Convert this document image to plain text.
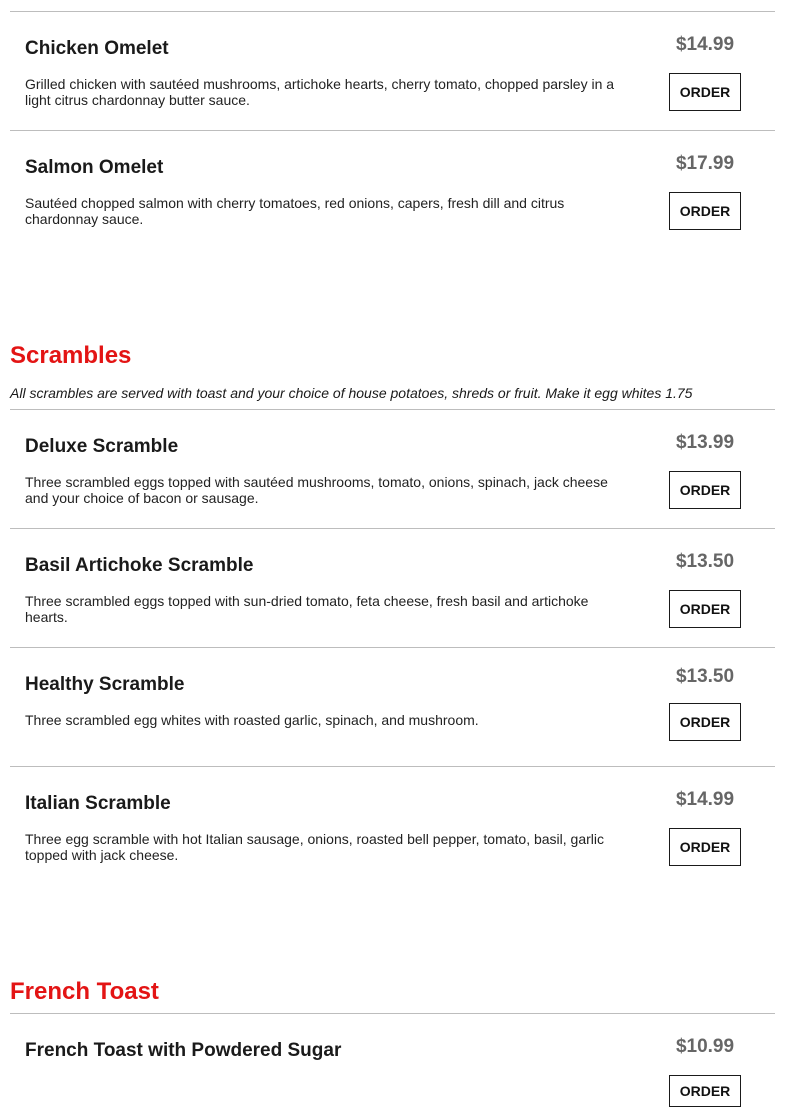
Chicken Omelet
Grilled chicken with sautéed mushrooms, artichoke hearts, cherry tomato, chopped parsley in a light citrus chardonnay butter sauce.
$14.99
ORDER
Salmon Omelet
Sautéed chopped salmon with cherry tomatoes, red onions, capers, fresh dill and citrus chardonnay sauce.
$17.99
ORDER
Scrambles
All scrambles are served with toast and your choice of house potatoes, shreds or fruit. Make it egg whites 1.75
Deluxe Scramble
Three scrambled eggs topped with sautéed mushrooms, tomato, onions, spinach, jack cheese and your choice of bacon or sausage.
$13.99
ORDER
Basil Artichoke Scramble
Three scrambled eggs topped with sun-dried tomato, feta cheese, fresh basil and artichoke hearts.
$13.50
ORDER
Healthy Scramble
Three scrambled egg whites with roasted garlic, spinach, and mushroom.
$13.50
ORDER
Italian Scramble
Three egg scramble with hot Italian sausage, onions, roasted bell pepper, tomato, basil, garlic topped with jack cheese.
$14.99
ORDER
French Toast
French Toast with Powdered Sugar	$10.99
ORDER
